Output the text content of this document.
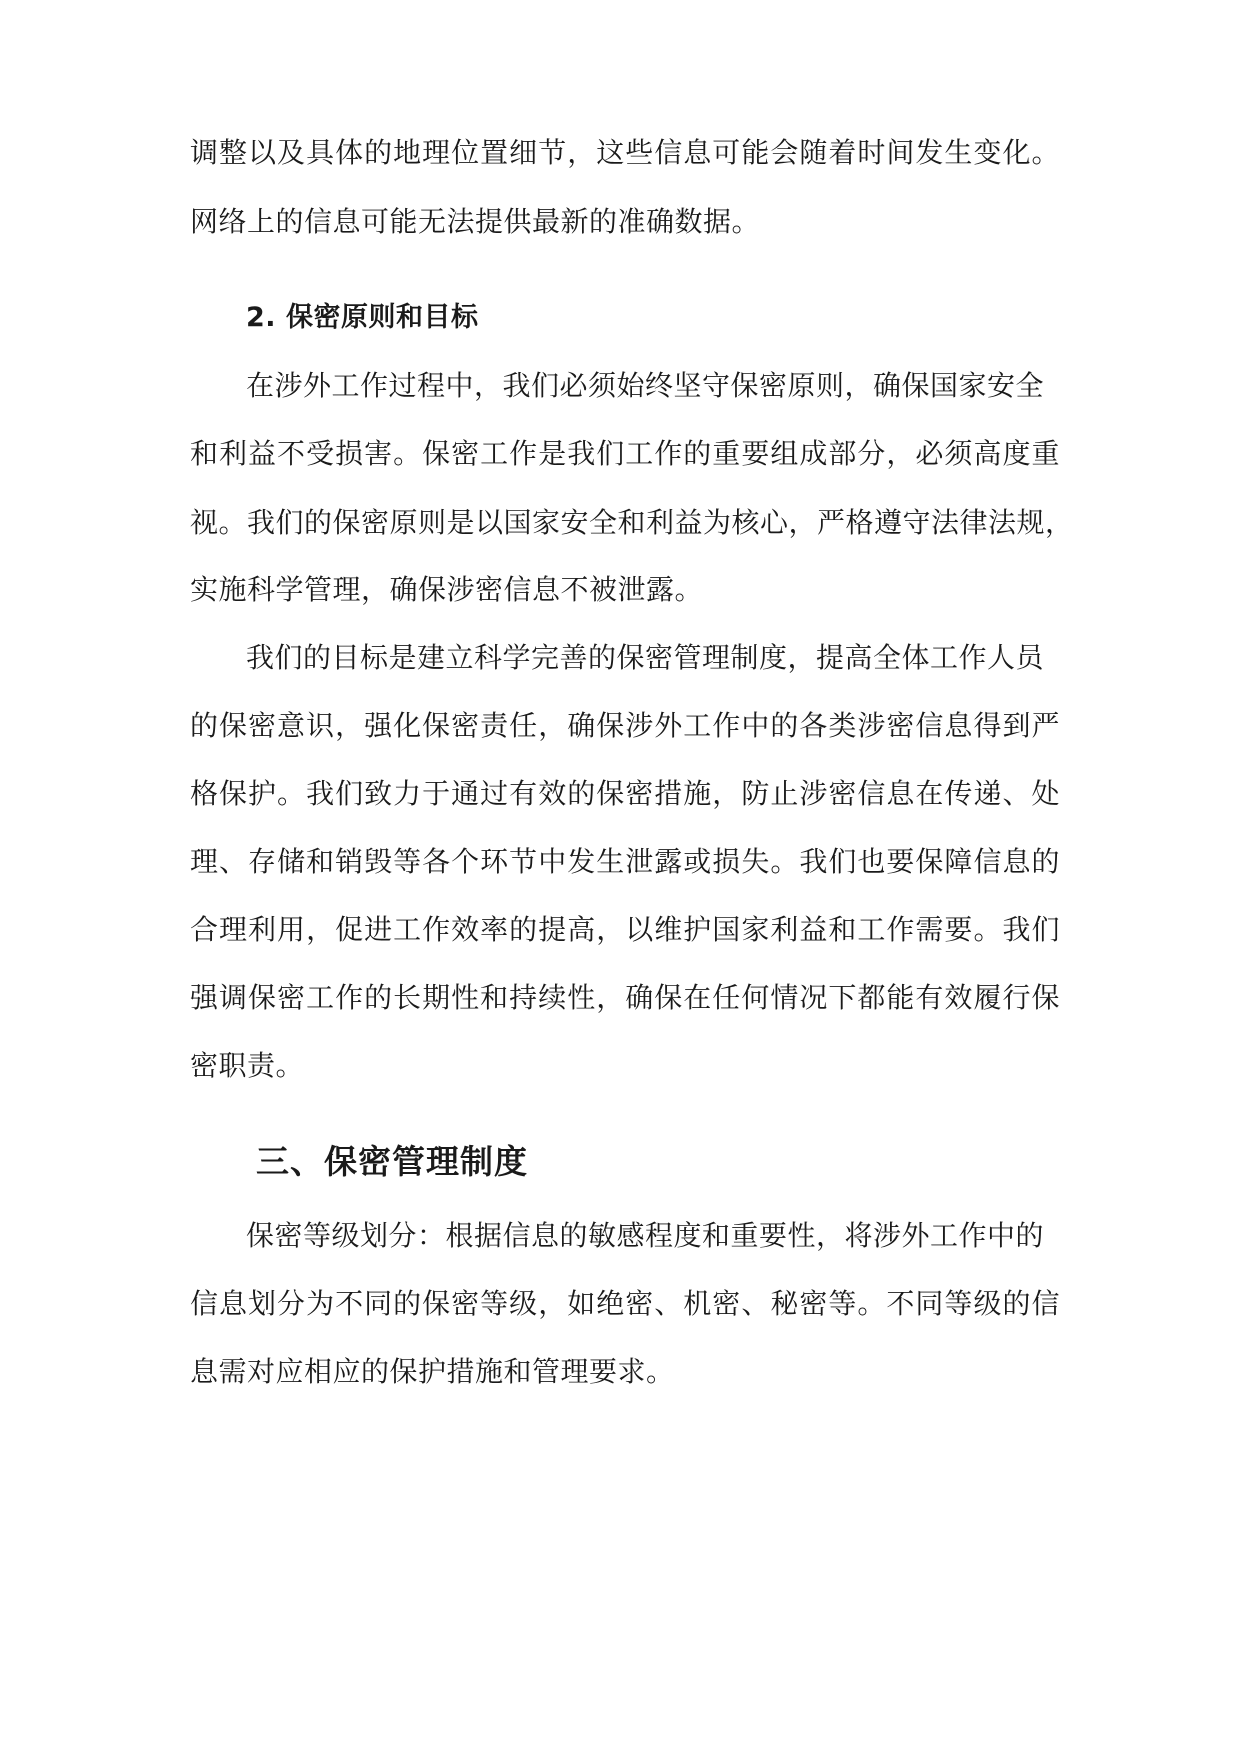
调整以及具体的地理位置细节，这些信息可能会随着时间发生变化。
网络上的信息可能无法提供最新的准确数据。
2. 保密原则和目标
在涉外工作过程中，我们必须始终坚守保密原则，确保国家安全
和利益不受损害。保密工作是我们工作的重要组成部分，必须高度重
视。我们的保密原则是以国家安全和利益为核心，严格遵守法律法规，
实施科学管理，确保涉密信息不被泄露。
我们的目标是建立科学完善的保密管理制度，提高全体工作人员
的保密意识，强化保密责任，确保涉外工作中的各类涉密信息得到严
格保护。我们致力于通过有效的保密措施，防止涉密信息在传递、处
理、存储和销毁等各个环节中发生泄露或损失。我们也要保障信息的
合理利用，促进工作效率的提高，以维护国家利益和工作需要。我们
强调保密工作的长期性和持续性，确保在任何情况下都能有效履行保
密职责。
三、保密管理制度
保密等级划分：根据信息的敏感程度和重要性，将涉外工作中的
信息划分为不同的保密等级，如绝密、机密、秘密等。不同等级的信
息需对应相应的保护措施和管理要求。
